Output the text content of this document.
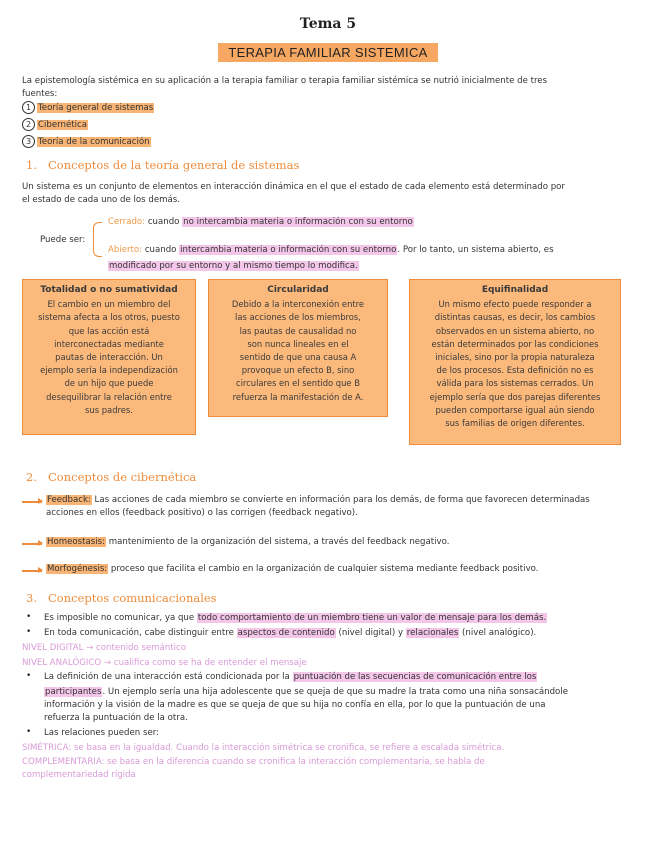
Tema 5
TERAPIA FAMILIAR SISTEMICA
La epistemología sistémica en su aplicación a la terapia familiar o terapia familiar sistémica se nutrió inicialmente de tres
fuentes:
1 Teoría general de sistemas
2 Cibernética
3 Teoría de la comunicación
1. Conceptos de la teoría general de sistemas
Un sistema es un conjunto de elementos en interacción dinámica en el que el estado de cada elemento está determinado por
el estado de cada uno de los demás.
Puede ser:
Cerrado: cuando no intercambia materia o información con su entorno
Abierto: cuando intercambia materia o información con su entorno. Por lo tanto, un sistema abierto, es
modificado por su entorno y al mismo tiempo lo modifica.
Totalidad o no sumatividad
El cambio en un miembro del
sistema afecta a los otros, puesto
que las acción está
interconectadas mediante
pautas de interacción. Un
ejemplo sería la independización
de un hijo que puede
desequilibrar la relación entre
sus padres.
Circularidad
Debido a la interconexión entre
las acciones de los miembros,
las pautas de causalidad no
son nunca lineales en el
sentido de que una causa A
provoque un efecto B, sino
circulares en el sentido que B
refuerza la manifestación de A.
Equifinalidad
Un mismo efecto puede responder a
distintas causas, es decir, los cambios
observados en un sistema abierto, no
están determinados por las condiciones
iniciales, sino por la propia naturaleza
de los procesos. Esta definición no es
válida para los sistemas cerrados. Un
ejemplo sería que dos parejas diferentes
pueden comportarse igual aún siendo
sus familias de origen diferentes.
2. Conceptos de cibernética
Feedback: Las acciones de cada miembro se convierte en información para los demás, de forma que favorecen determinadas
acciones en ellos (feedback positivo) o las corrigen (feedback negativo).
Homeostasis: mantenimiento de la organización del sistema, a través del feedback negativo.
Morfogénesis: proceso que facilita el cambio en la organización de cualquier sistema mediante feedback positivo.
3. Conceptos comunicacionales
• Es imposible no comunicar, ya que todo comportamiento de un miembro tiene un valor de mensaje para los demás.
• En toda comunicación, cabe distinguir entre aspectos de contenido (nivel digital) y relacionales (nivel analógico).
NIVEL DIGITAL → contenido semántico
NIVEL ANALÓGICO → cualifica como se ha de entender el mensaje
• La definición de una interacción está condicionada por la puntuación de las secuencias de comunicación entre los
participantes. Un ejemplo sería una hija adolescente que se queja de que su madre la trata como una niña sonsacándole
información y la visión de la madre es que se queja de que su hija no confía en ella, por lo que la puntuación de una
refuerza la puntuación de la otra.
• Las relaciones pueden ser:
SIMÉTRICA: se basa en la igualdad. Cuando la interacción simétrica se cronifica, se refiere a escalada simétrica.
COMPLEMENTARIA: se basa en la diferencia cuando se cronifica la interacción complementaria, se habla de
complementariedad rígida
